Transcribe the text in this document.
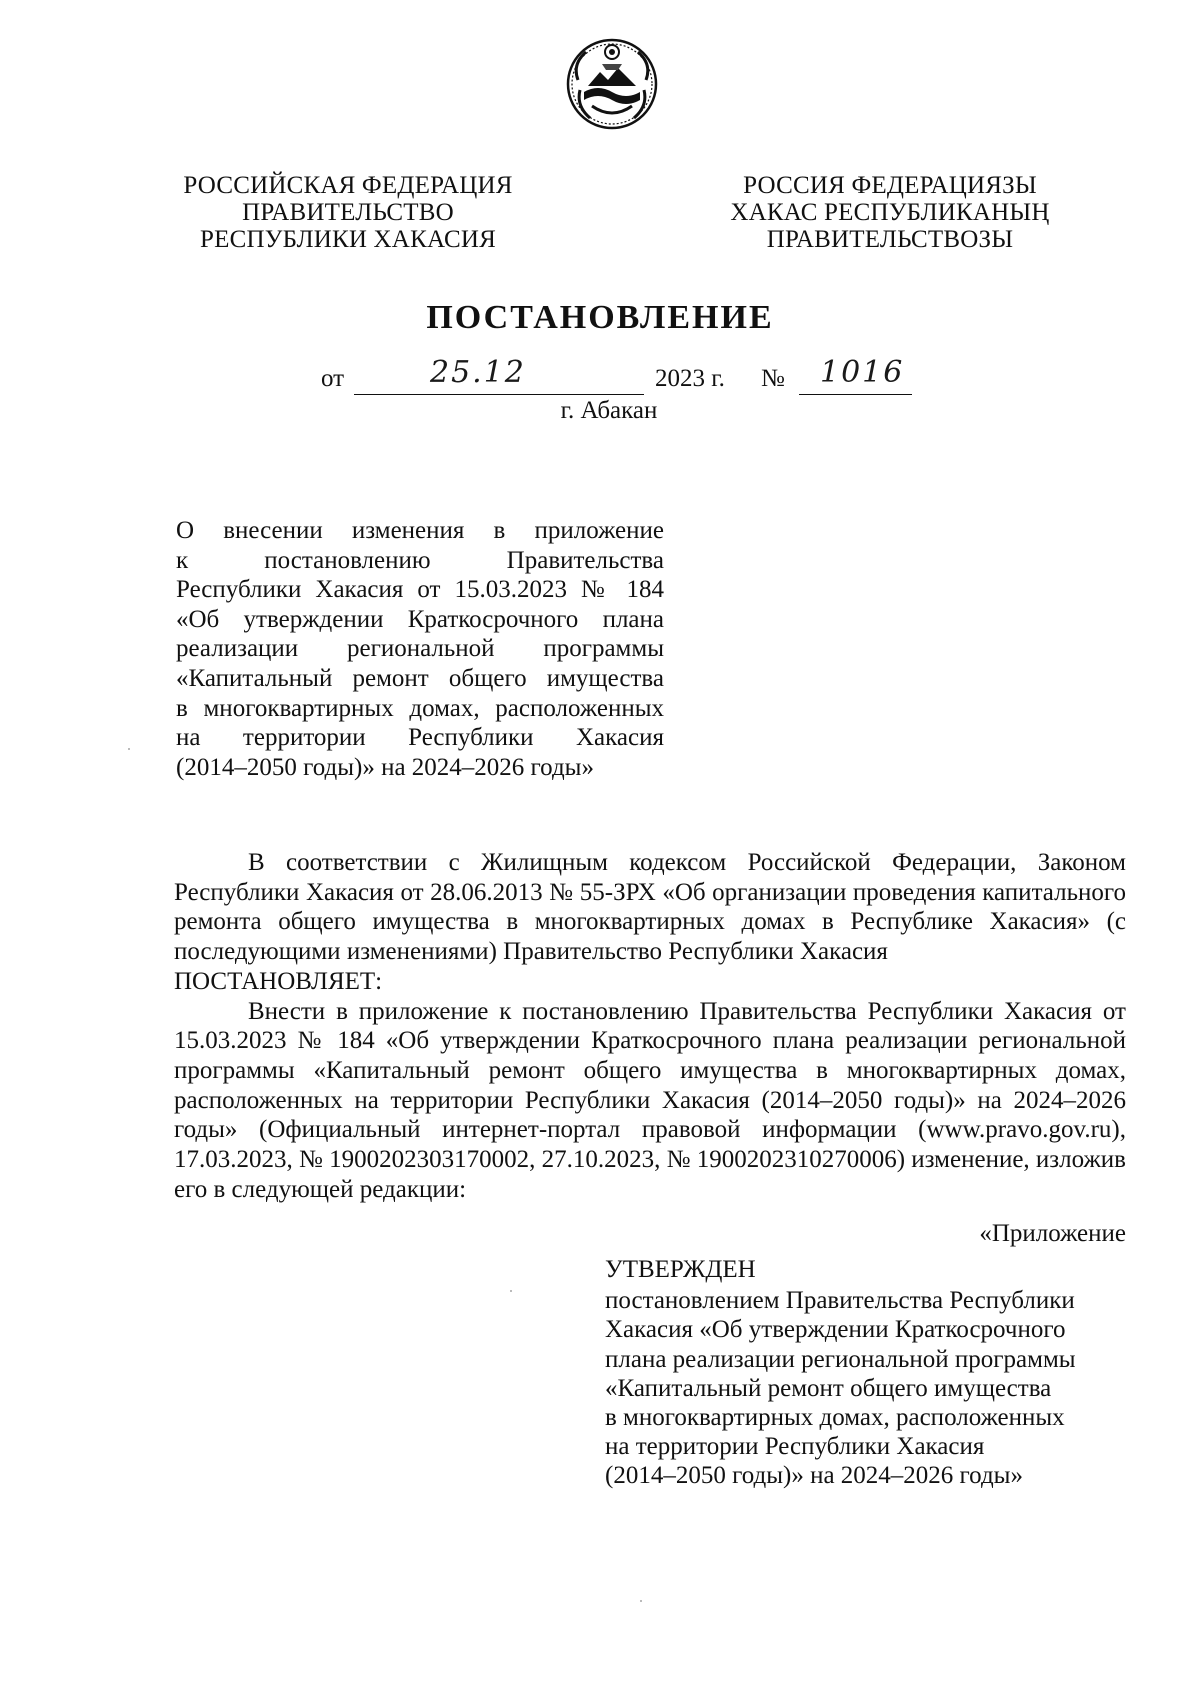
РОССИЙСКАЯ ФЕДЕРАЦИЯ
ПРАВИТЕЛЬСТВО
РЕСПУБЛИКИ ХАКАСИЯ
РОССИЯ ФЕДЕРАЦИЯЗЫ
ХАКАС РЕСПУБЛИКАНЫҢ
ПРАВИТЕЛЬСТВОЗЫ
ПОСТАНОВЛЕНИЕ
от	25.12	2023 г. № 1016
г. Абакан
О внесении изменения в приложение
к постановлению Правительства
Республики Хакасия от 15.03.2023 № 184
«Об утверждении Краткосрочного плана
реализации региональной программы
«Капитальный ремонт общего имущества
в многоквартирных домах, расположенных
на территории Республики Хакасия
(2014–2050 годы)» на 2024–2026 годы»

В соответствии с Жилищным кодексом Российской Федерации, Законом Республики Хакасия от 28.06.2013 № 55-ЗРХ «Об организации проведения капитального ремонта общего имущества в многоквартирных домах в Республике Хакасия» (с последующими изменениями) Правительство Республики Хакасия

ПОСТАНОВЛЯЕТ:

Внести в приложение к постановлению Правительства Республики Хакасия от 15.03.2023 № 184 «Об утверждении Краткосрочного плана реализации региональной программы «Капитальный ремонт общего имущества в многоквартирных домах, расположенных на территории Республики Хакасия (2014–2050 годы)» на 2024–2026 годы» (Официальный интернет-портал правовой информации (www.pravo.gov.ru), 17.03.2023, № 1900202303170002, 27.10.2023, № 1900202310270006) изменение, изложив его в следующей редакции:

«Приложение
УТВЕРЖДЕН
постановлением Правительства Республики
Хакасия «Об утверждении Краткосрочного
плана реализации региональной программы
«Капитальный ремонт общего имущества
в многоквартирных домах, расположенных
на территории Республики Хакасия
(2014–2050 годы)» на 2024–2026 годы»
